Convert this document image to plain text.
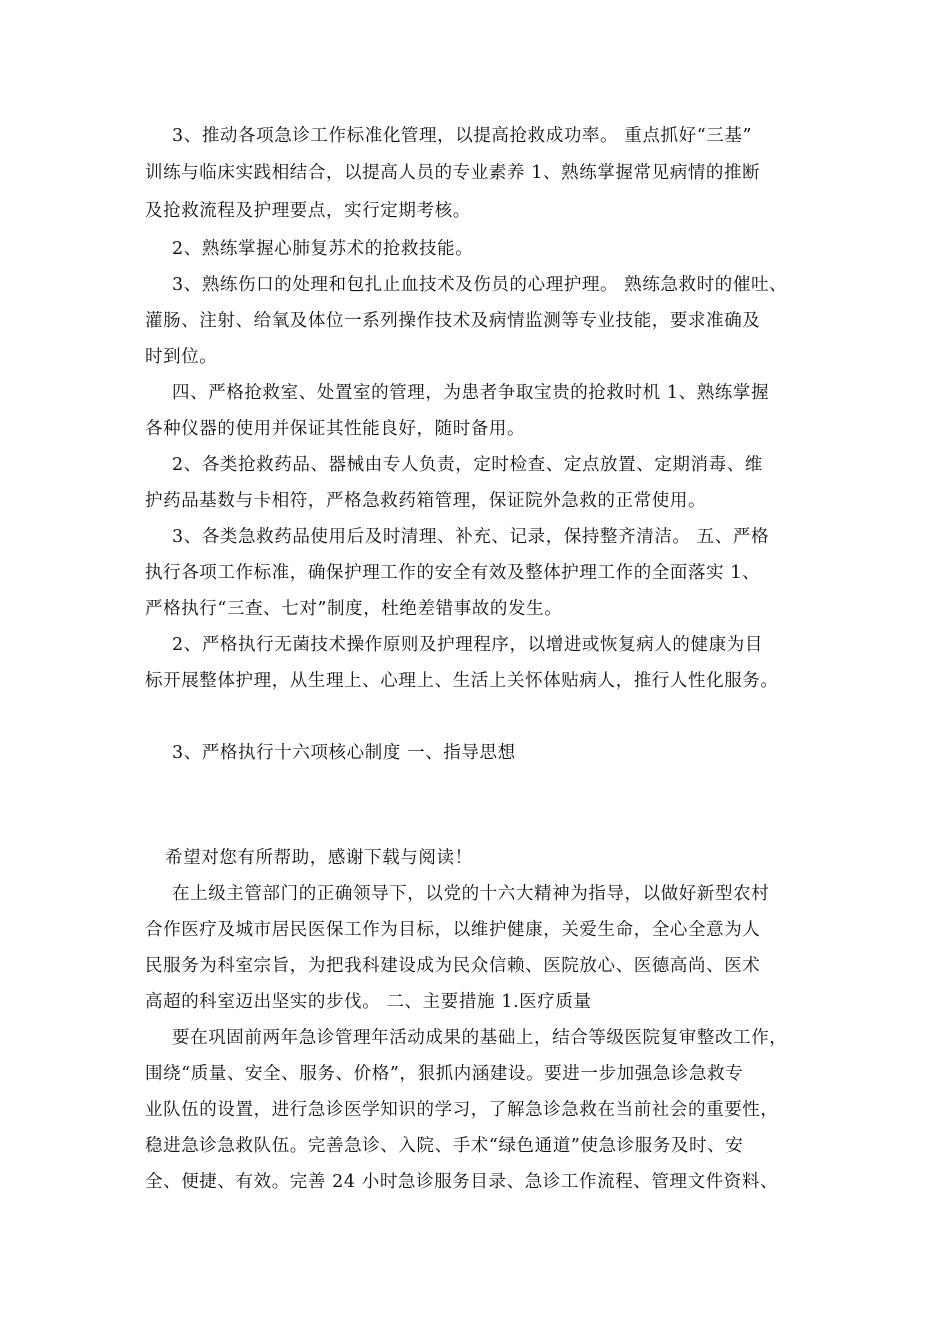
3、推动各项急诊工作标准化管理，以提高抢救成功率。 重点抓好“三基”
训练与临床实践相结合，以提高人员的专业素养 1、熟练掌握常见病情的推断
及抢救流程及护理要点，实行定期考核。
2、熟练掌握心肺复苏术的抢救技能。
3、熟练伤口的处理和包扎止血技术及伤员的心理护理。 熟练急救时的催吐、
灌肠、注射、给氧及体位一系列操作技术及病情监测等专业技能，要求准确及
时到位。
四、严格抢救室、处置室的管理，为患者争取宝贵的抢救时机 1、熟练掌握
各种仪器的使用并保证其性能良好，随时备用。
2、各类抢救药品、器械由专人负责，定时检查、定点放置、定期消毒、维
护药品基数与卡相符，严格急救药箱管理，保证院外急救的正常使用。
3、各类急救药品使用后及时清理、补充、记录，保持整齐清洁。 五、严格
执行各项工作标准，确保护理工作的安全有效及整体护理工作的全面落实 1、
严格执行“三查、七对”制度，杜绝差错事故的发生。
2、严格执行无菌技术操作原则及护理程序，以增进或恢复病人的健康为目
标开展整体护理，从生理上、心理上、生活上关怀体贴病人，推行人性化服务。
3、严格执行十六项核心制度 一、指导思想
希望对您有所帮助，感谢下载与阅读！
在上级主管部门的正确领导下，以党的十六大精神为指导，以做好新型农村
合作医疗及城市居民医保工作为目标，以维护健康，关爱生命，全心全意为人
民服务为科室宗旨，为把我科建设成为民众信赖、医院放心、医德高尚、医术
高超的科室迈出坚实的步伐。 二、主要措施 1.医疗质量
要在巩固前两年急诊管理年活动成果的基础上，结合等级医院复审整改工作，
围绕“质量、安全、服务、价格”，狠抓内涵建设。要进一步加强急诊急救专
业队伍的设置，进行急诊医学知识的学习，了解急诊急救在当前社会的重要性，
稳进急诊急救队伍。完善急诊、入院、手术“绿色通道”使急诊服务及时、安
全、便捷、有效。完善 24 小时急诊服务目录、急诊工作流程、管理文件资料、
